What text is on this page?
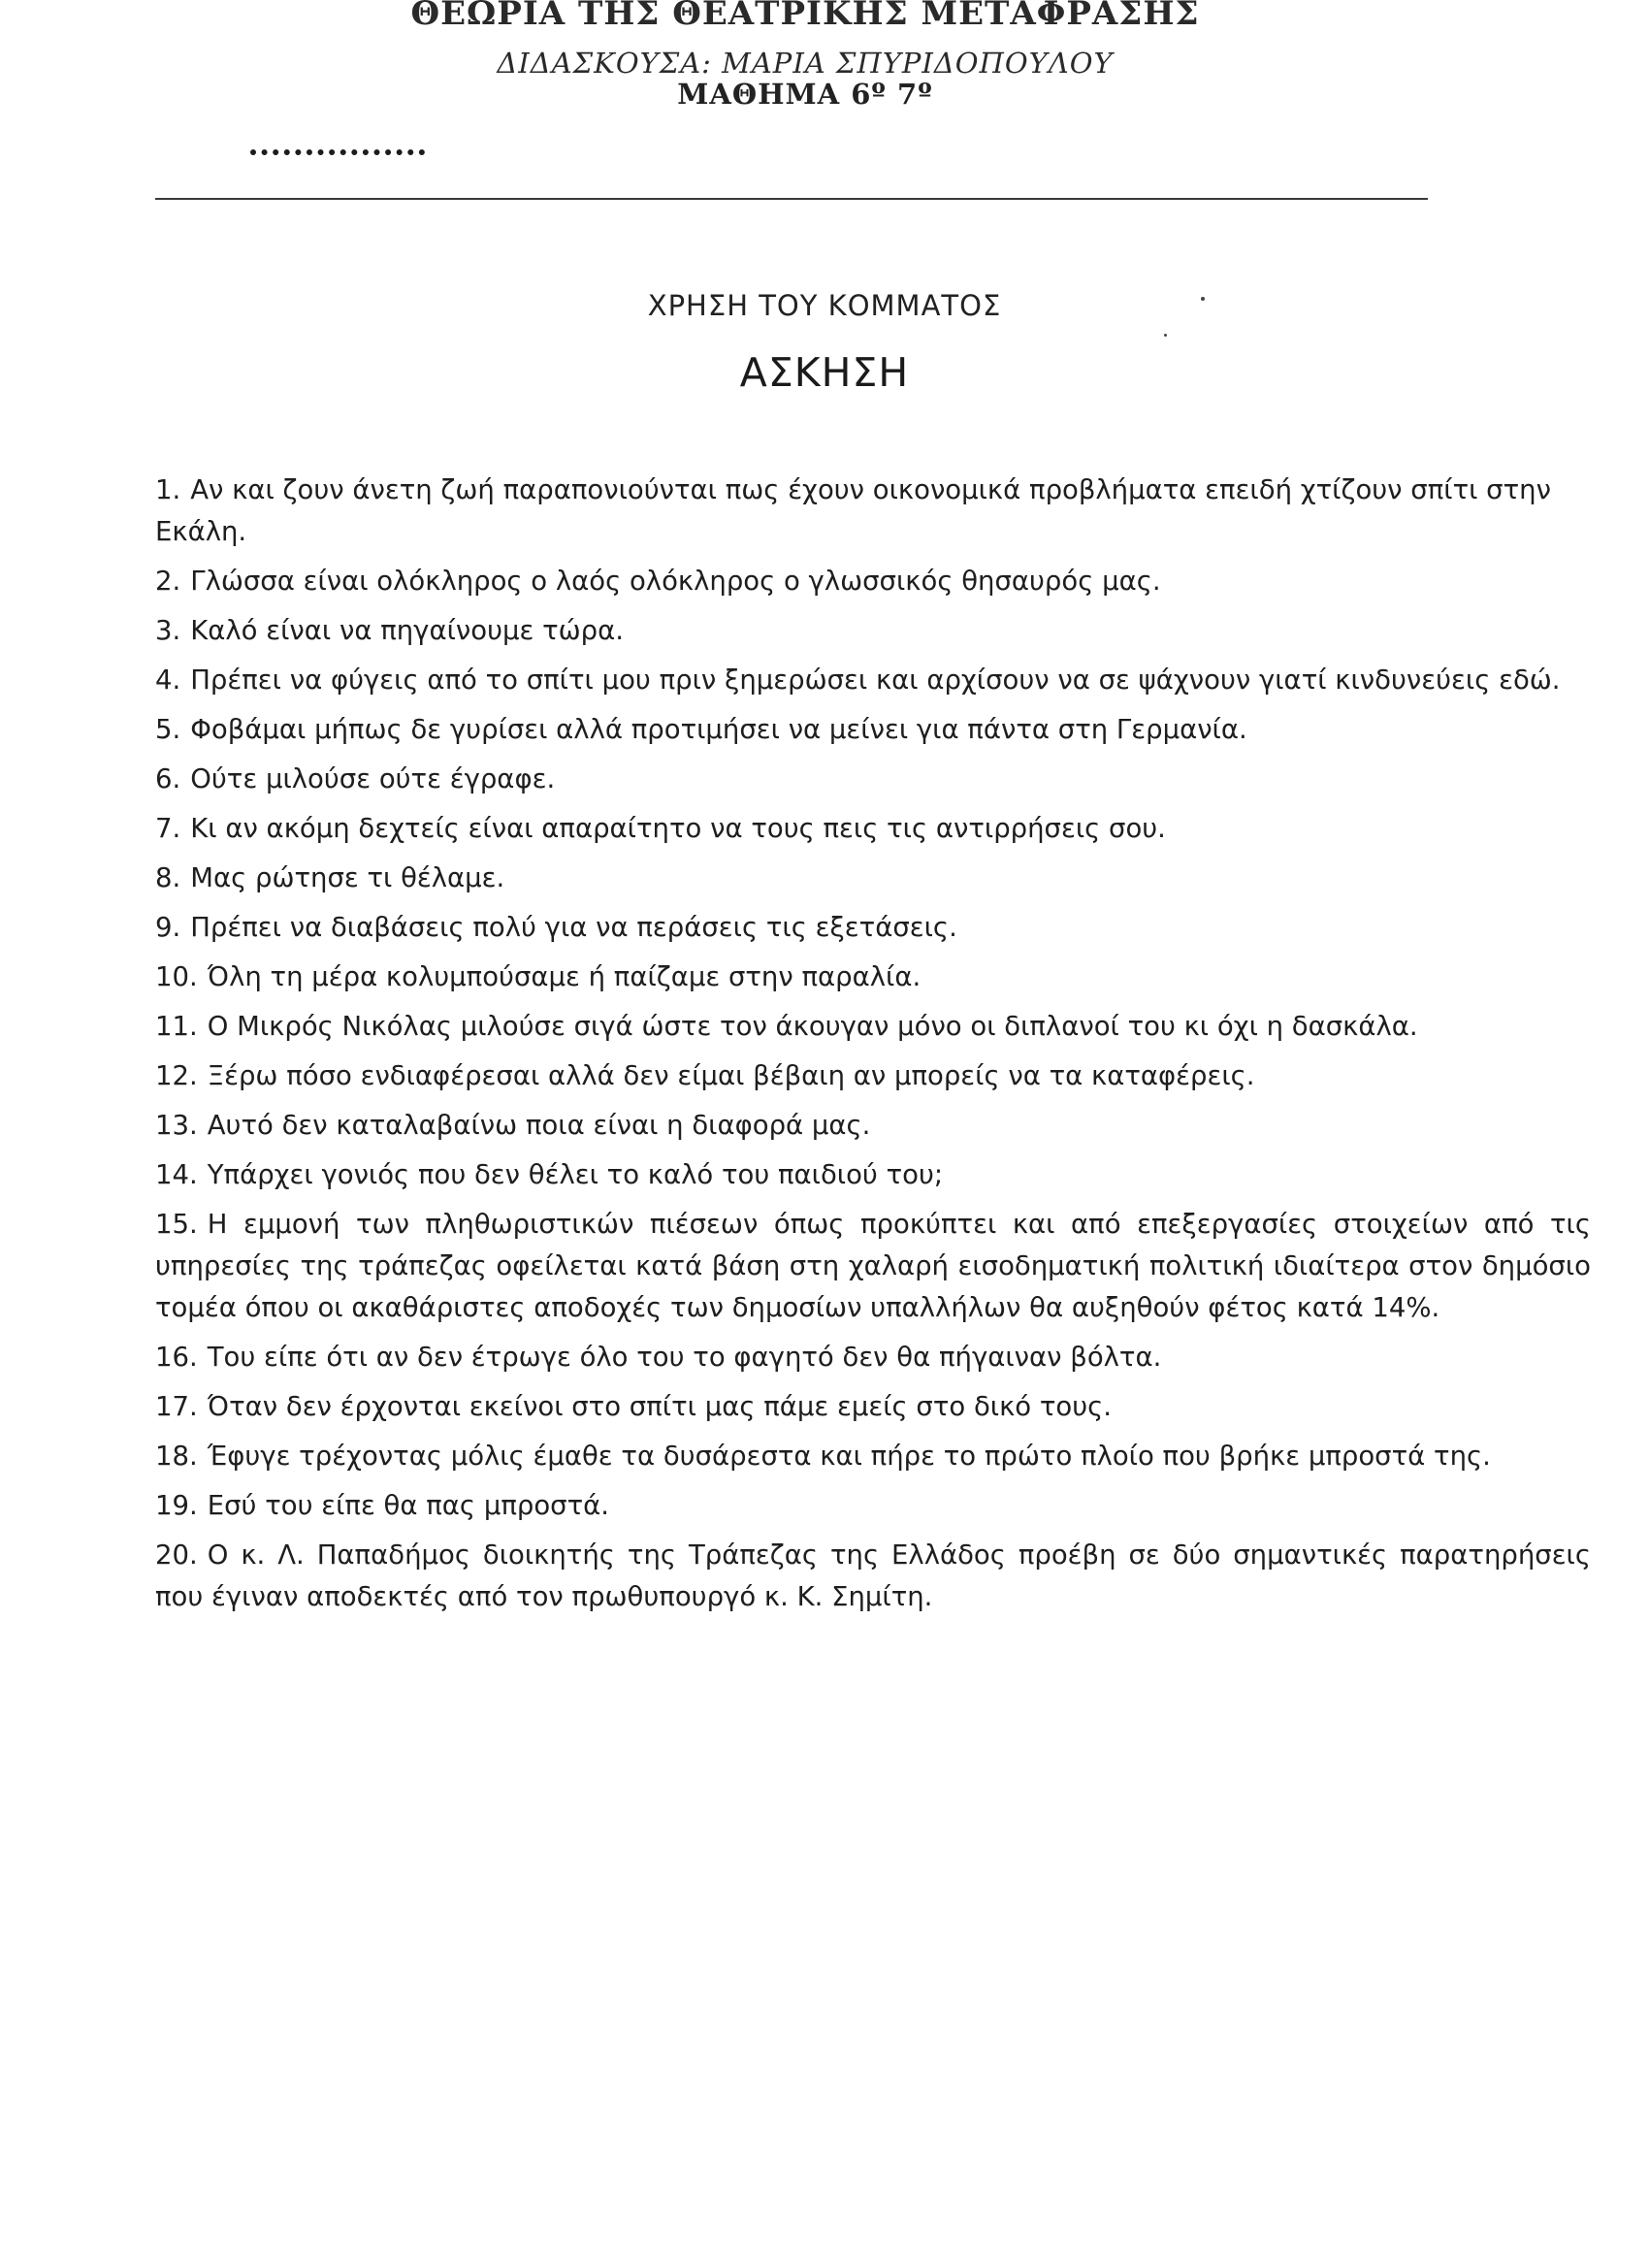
ΘΕΩΡΙΑ ΤΗΣ ΘΕΑΤΡΙΚΗΣ ΜΕΤΑΦΡΑΣΗΣ
ΔΙΔΑΣΚΟΥΣΑ: ΜΑΡΙΑ ΣΠΥΡΙΔΟΠΟΥΛΟΥ
ΜΑΘΗΜΑ 6º 7º
ΧΡΗΣΗ ΤΟΥ ΚΟΜΜΑΤΟΣ
ΑΣΚΗΣΗ
1. Αν και ζουν άνετη ζωή παραπονιούνται πως έχουν οικονομικά προβλήματα επειδή χτίζουν σπίτι στην Εκάλη.
2. Γλώσσα είναι ολόκληρος ο λαός ολόκληρος ο γλωσσικός θησαυρός μας.
3. Καλό είναι να πηγαίνουμε τώρα.
4. Πρέπει να φύγεις από το σπίτι μου πριν ξημερώσει και αρχίσουν να σε ψάχνουν γιατί κινδυνεύεις εδώ.
5. Φοβάμαι μήπως δε γυρίσει αλλά προτιμήσει να μείνει για πάντα στη Γερμανία.
6. Ούτε μιλούσε ούτε έγραφε.
7. Κι αν ακόμη δεχτείς είναι απαραίτητο να τους πεις τις αντιρρήσεις σου.
8. Μας ρώτησε τι θέλαμε.
9. Πρέπει να διαβάσεις πολύ για να περάσεις τις εξετάσεις.
10. Όλη τη μέρα κολυμπούσαμε ή παίζαμε στην παραλία.
11. Ο Μικρός Νικόλας μιλούσε σιγά ώστε τον άκουγαν μόνο οι διπλανοί του κι όχι η δασκάλα.
12. Ξέρω πόσο ενδιαφέρεσαι αλλά δεν είμαι βέβαιη αν μπορείς να τα καταφέρεις.
13. Αυτό δεν καταλαβαίνω ποια είναι η διαφορά μας.
14. Υπάρχει γονιός που δεν θέλει το καλό του παιδιού του;
15. Η εμμονή των πληθωριστικών πιέσεων όπως προκύπτει και από επεξεργασίες στοιχείων από τις υπηρεσίες της τράπεζας οφείλεται κατά βάση στη χαλαρή εισοδηματική πολιτική ιδιαίτερα στον δημόσιο τομέα όπου οι ακαθάριστες αποδοχές των δημοσίων υπαλλήλων θα αυξηθούν φέτος κατά 14%.
16. Του είπε ότι αν δεν έτρωγε όλο του το φαγητό δεν θα πήγαιναν βόλτα.
17. Όταν δεν έρχονται εκείνοι στο σπίτι μας πάμε εμείς στο δικό τους.
18. Έφυγε τρέχοντας μόλις έμαθε τα δυσάρεστα και πήρε το πρώτο πλοίο που βρήκε μπροστά της.
19. Εσύ του είπε θα πας μπροστά.
20. Ο κ. Λ. Παπαδήμος διοικητής της Τράπεζας της Ελλάδος προέβη σε δύο σημαντικές παρατηρήσεις που έγιναν αποδεκτές από τον πρωθυπουργό κ. Κ. Σημίτη.
